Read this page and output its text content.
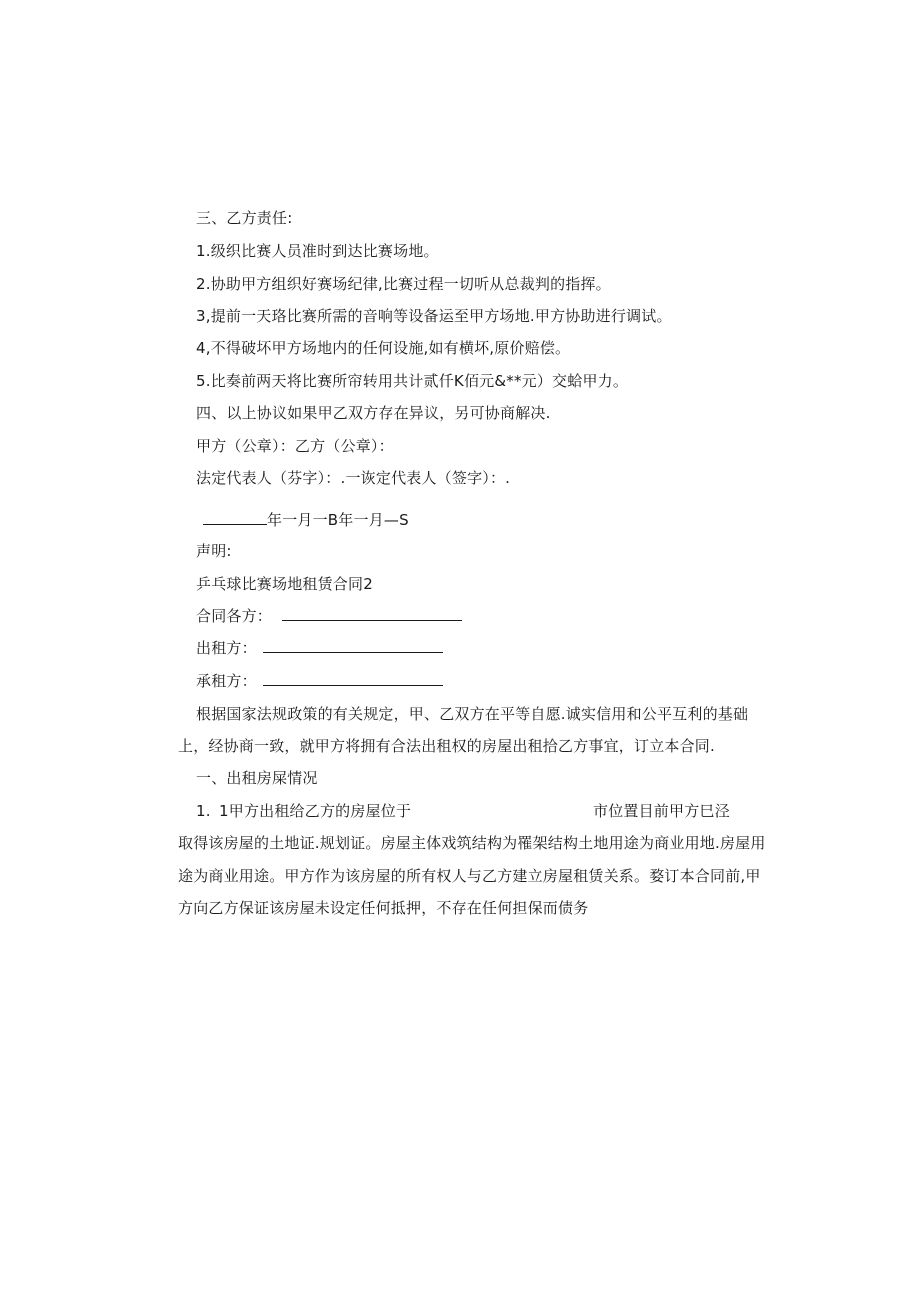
三、乙方责任:
1.级织比赛人员准时到达比赛场地。
2.协助甲方组织好赛场纪律,比赛过程一切听从总裁判的指挥。
3,提前一天珞比赛所需的音响等设备运至甲方场地.甲方协助进行调试。
4,不得破坏甲方场地内的任何设施,如有横坏,原价赔偿。
5.比奏前两天将比赛所帘转用共计贰仟K佰元&**元）交蛤甲力。
四、以上协议如果甲乙双方存在异议，另可协商解决.
甲方（公章）：乙方（公章）：
法定代表人（芬字）：.一诙定代表人（签字）：.
年一月一B年一月—S
声明:
乒乓球比赛场地租赁合同2
合同各方：
出租方：
承租方：
根据国家法规政策的有关规定，甲、乙双方在平等自愿.诚实信用和公平互利的基础
上，经协商一致，就甲方将拥有合法出租权的房屋出租拾乙方事宜，订立本合同.
一、出租房屎情况
1. 1甲方出租给乙方的房屋位于	市位置目前甲方巳泾
取得该房屋的土地证.规划证。房屋主体戏筑结构为罹架结构土地用途为商业用地.房屋用
途为商业用途。甲方作为该房屋的所有权人与乙方建立房屋租赁关系。婺订本合同前,甲
方向乙方保证该房屋未设定任何抵押，不存在任何担保而债务
